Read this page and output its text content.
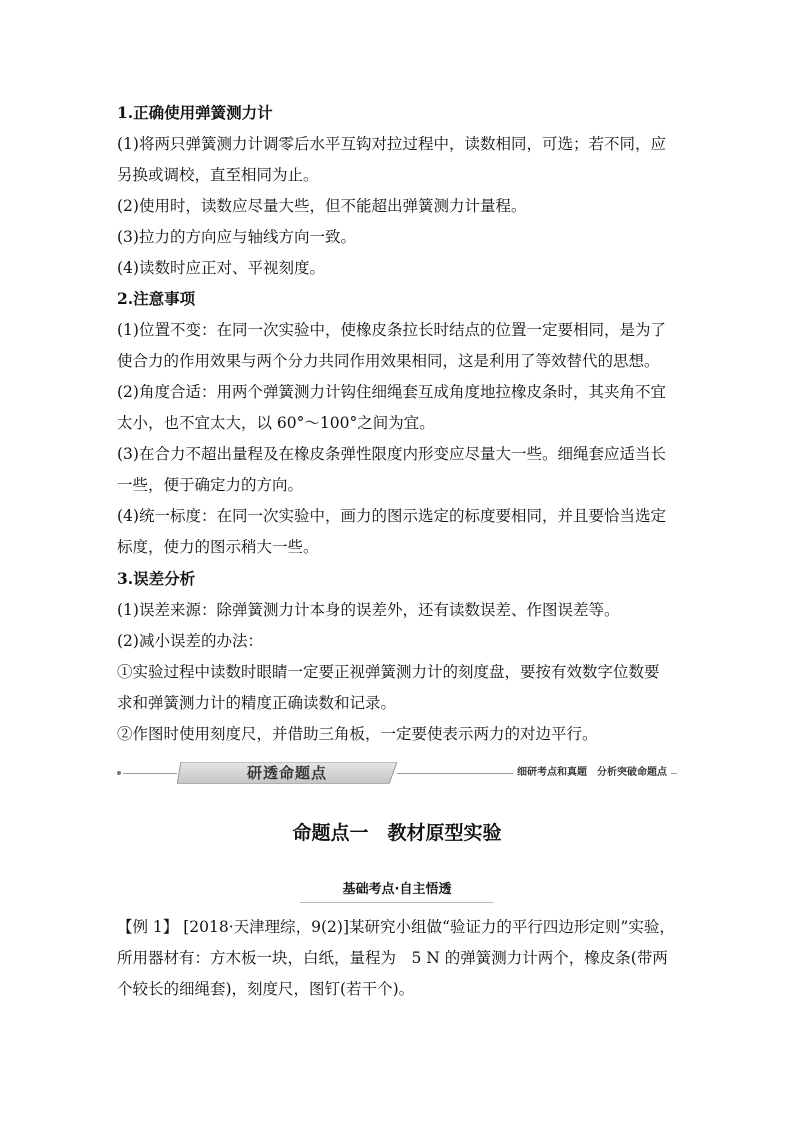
1.正确使用弹簧测力计
(1)将两只弹簧测力计调零后水平互钩对拉过程中，读数相同，可选；若不同，应
另换或调校，直至相同为止。
(2)使用时，读数应尽量大些，但不能超出弹簧测力计量程。
(3)拉力的方向应与轴线方向一致。
(4)读数时应正对、平视刻度。
2.注意事项
(1)位置不变：在同一次实验中，使橡皮条拉长时结点的位置一定要相同，是为了
使合力的作用效果与两个分力共同作用效果相同，这是利用了等效替代的思想。
(2)角度合适：用两个弹簧测力计钩住细绳套互成角度地拉橡皮条时，其夹角不宜
太小，也不宜太大，以 60°～100°之间为宜。
(3)在合力不超出量程及在橡皮条弹性限度内形变应尽量大一些。细绳套应适当长
一些，便于确定力的方向。
(4)统一标度：在同一次实验中，画力的图示选定的标度要相同，并且要恰当选定
标度，使力的图示稍大一些。
3.误差分析
(1)误差来源：除弹簧测力计本身的误差外，还有读数误差、作图误差等。
(2)减小误差的办法：
①实验过程中读数时眼睛一定要正视弹簧测力计的刻度盘，要按有效数字位数要
求和弹簧测力计的精度正确读数和记录。
②作图时使用刻度尺，并借助三角板，一定要使表示两力的对边平行。
研透命题点	细研考点和真题　分析突破命题点
命题点一　教材原型实验
基础考点·自主悟透
【例 1】 [2018·天津理综，9(2)]某研究小组做“验证力的平行四边形定则”实验，
所用器材有：方木板一块，白纸，量程为　5 N 的弹簧测力计两个，橡皮条(带两
个较长的细绳套)，刻度尺，图钉(若干个)。
